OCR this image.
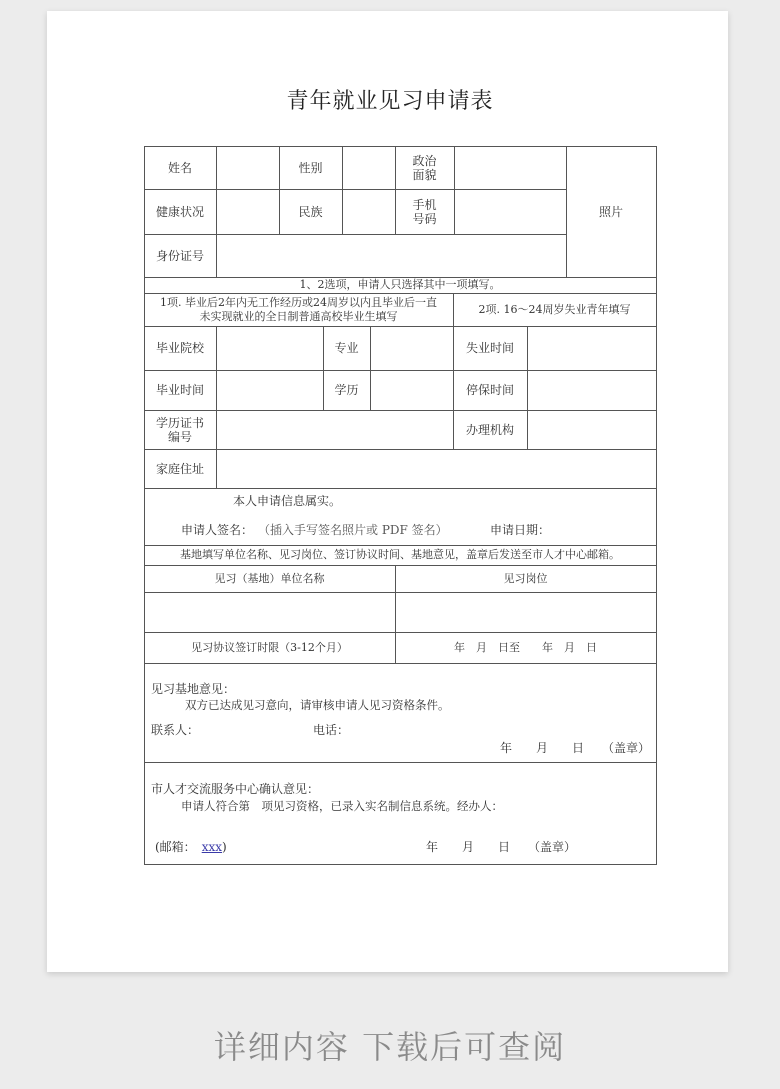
青年就业见习申请表
姓名	性别	政治
面貌
健康状况	民族	手机
号码
身份证号
照片
1、2选项，申请人只选择其中一项填写。
1项. 毕业后2年内无工作经历或24周岁以内且毕业后一直
未实现就业的全日制普通高校毕业生填写
2项. 16～24周岁失业青年填写
毕业院校	专业	失业时间
毕业时间	学历	停保时间
学历证书
编号	办理机构
家庭住址
本人申请信息属实。
申请人签名： （插入手写签名照片或 PDF 签名）	申请日期：
基地填写单位名称、见习岗位、签订协议时间、基地意见，盖章后发送至市人才中心邮箱。
见习（基地）单位名称	见习岗位
见习协议签订时限（3-12个月）	年　月　日至　　年　月　日
见习基地意见：
双方已达成见习意向，请审核申请人见习资格条件。
联系人：	电话：
年　　月　　日　　（盖章）
市人才交流服务中心确认意见：
申请人符合第　项见习资格，已录入实名制信息系统。经办人：
(邮箱： xxx)	年　　月　　日　　（盖章）
详细内容 下载后可查阅
